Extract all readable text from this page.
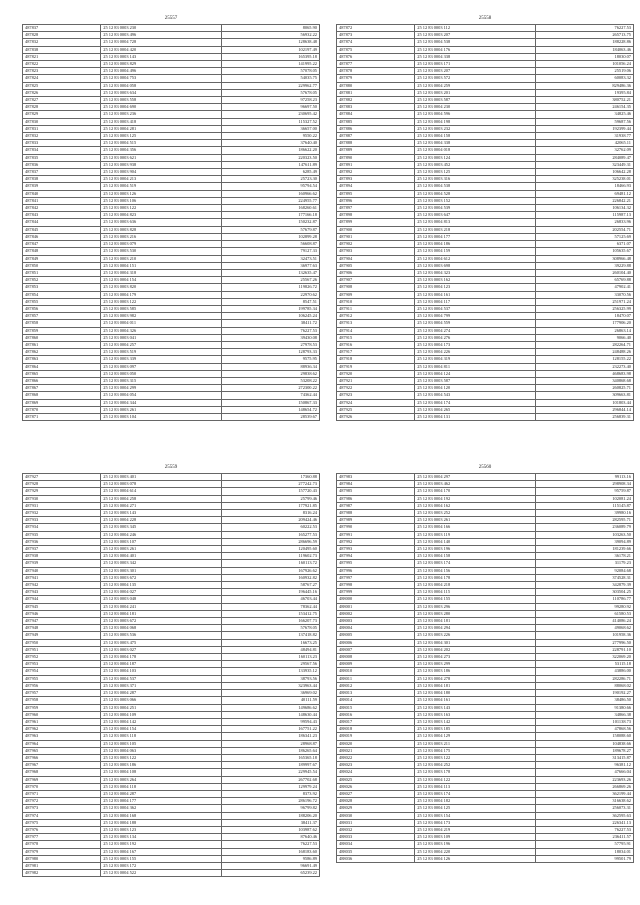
25557
487837	25 12 83 0003 230	8065.90
487828	25 12 83 0003 496	56932.22
487832	25 12 83 0004 728	128638.48
487838	25 12 83 0004 420	102197.49
487821	25 12 83 0003 143	165395.18
487822	25 12 83 0003 829	141995.22
487823	25 12 83 0004 496	57078.05
487824	25 12 83 0004 753	54035.75
487825	25 12 83 0004 058	229962.77
487826	25 12 83 0003 634	57678.05
487827	25 12 83 0003 558	97258.23
487828	25 12 83 0004 690	96697.50
487829	25 12 83 0003 236	230695.42
487830	25 12 83 0003 418	115327.52
487831	25 12 83 0004 281	36657.00
487832	25 12 83 0003 125	9550.22
487833	25 12 83 0004 515	37640.40
487834	25 12 83 0004 356	186622.20
487835	25 12 83 0003 621	220323.50
487836	25 12 83 0003 938	147611.89
487837	25 12 83 0003 904	6285.49
487838	25 12 83 0004 213	25723.30
487839	25 12 83 0004 519	95794.54
487840	25 12 83 0003 126	160966.62
487841	25 12 83 0003 106	224955.77
487842	25 12 83 0003 122	168260.61
487843	25 12 83 0004 823	177166.18
487844	25 12 83 0003 636	150232.87
487845	25 12 83 0003 828	57679.87
487846	25 12 83 0003 216	102899.28
487847	25 12 83 0003 079	56608.87
487848	25 12 83 0003 530	79127.33
487849	25 12 83 0003 210	32473.51
487850	25 12 83 0004 151	36977.63
487851	25 12 83 0004 318	132635.47
487852	25 12 83 0004 154	25567.26
487853	25 12 83 0003 820	119826.72
487854	25 12 83 0004 179	22970.62
487855	25 12 83 0003 122	8547.51
487856	25 12 83 0003 585	199785.34
487857	25 12 83 0003 982	106245.24
487858	25 12 83 0004 011	38411.72
487859	25 12 83 0004 326	76227.53
487860	25 12 83 0003 041	39430.08
487861	25 12 83 0004 257	27978.53
487862	25 12 83 0003 519	128793.33
487863	25 12 83 0003 339	9575.95
487864	25 12 83 0003 097	88936.34
487865	25 12 83 0003 050	29838.62
487866	25 12 83 0003 315	53208.22
487867	25 12 83 0004 299	272300.22
487868	25 12 83 0004 054	74362.44
487869	25 12 83 0004 344	150867.33
487870	25 12 83 0003 261	148654.72
487871	25 12 83 0003 104	28539.67
25558
487872	25 12 83 0003 112	76227.53
487873	25 12 83 0003 207	265713.75
487874	25 12 83 0004 538	188228.86
487875	25 12 83 0004 176	184063.46
487876	25 12 83 0004 338	18030.07
487877	25 12 83 0003 171	101056.24
487878	25 12 83 0003 207	25519.06
487879	25 12 83 0003 572	60083.32
487880	25 12 83 0004 259	829486.36
487881	25 12 83 0003 201	19395.84
487882	25 12 83 0003 587	380752.21
487883	25 12 83 0004 230	246154.35
487884	25 12 83 0004 596	34825.46
487885	25 12 83 0004 198	59687.56
487886	25 12 83 0003 232	192399.44
487887	25 12 83 0004 158	31938.77
487888	25 12 83 0004 338	42065.11
487889	25 12 83 0004 018	32762.09
487890	25 12 83 0003 124	284089.47
487891	25 12 83 0003 452	323449.31
487892	25 12 83 0003 125	106642.28
487893	25 12 83 0003 316	325238.01
487894	25 12 83 0004 538	18466.93
487895	25 12 83 0004 528	69481.12
487896	25 12 83 0003 152	226842.21
487897	25 12 83 0004 539	106134.32
487898	25 12 83 0003 647	115987.13
487899	25 12 83 0004 813	26833.96
487900	25 12 83 0003 218	202554.71
487901	25 12 83 0004 177	57125.69
487902	25 12 83 0004 186	6371.07
487903	25 12 83 0004 159	105635.67
487904	25 12 83 0004 612	308966.48
487905	25 12 83 0003 698	39229.88
487906	25 12 83 0004 323	260104.40
487907	25 12 83 0003 162	65769.88
487908	25 12 83 0004 123	47902.41
487909	25 12 83 0004 161	33070.56
487910	25 12 83 0004 117	251971.24
487911	25 12 83 0004 537	256325.99
487912	25 12 83 0004 799	18470.07
487913	25 12 83 0004 559	177906.20
487914	25 12 83 0004 274	26863.14
487915	25 12 83 0004 276	9066.40
487916	25 12 83 0004 173	282264.71
487917	25 12 83 0004 226	248488.26
487918	25 12 83 0004 319	128155.22
487919	25 12 83 0004 811	232273.40
487920	25 12 83 0004 124	468683.98
487921	25 12 83 0003 587	340868.68
487922	25 12 83 0004 120	260825.71
487923	25 12 83 0004 543	309663.81
487924	25 12 83 0004 174	101803.44
487925	25 12 83 0004 265	296844.14
487926	25 12 83 0004 131	256839.31
25559
487927	25 12 83 0003 401	17360.88
487928	25 12 83 0003 078	277242.73
487929	25 12 83 0004 614	157720.43
487930	25 12 83 0004 258	25799.46
487931	25 12 83 0004 271	177921.85
487932	25 12 83 0003 143	8316.24
487933	25 12 83 0004 228	209424.46
487934	25 12 83 0003 345	60222.53
487935	25 12 83 0004 246	165277.53
487936	25 12 83 0003 107	286696.59
487937	25 12 83 0003 261	120495.60
487938	25 12 83 0004 401	119602.73
487939	25 12 83 0003 342	160113.72
487940	25 12 83 0003 301	167926.62
487941	25 12 83 0003 672	160932.82
487942	25 12 83 0004 135	58767.27
487943	25 12 83 0004 027	196445.16
487944	25 12 83 0003 048	46703.44
487945	25 12 83 0004 241	78362.44
487946	25 12 83 0004 181	153412.75
487947	25 12 83 0003 672	166207.73
487948	25 12 83 0004 068	57678.05
487949	25 12 83 0003 536	137418.82
487950	25 12 83 0003 475	16673.25
487951	25 12 83 0003 027	48494.81
487952	25 12 83 0004 178	160113.23
487953	25 12 83 0004 187	29567.56
487954	25 12 83 0004 103	133935.12
487955	25 12 83 0004 537	38793.56
487956	25 12 83 0003 371	323963.44
487957	25 12 83 0004 287	36969.02
487958	25 12 83 0003 066	40111.59
487959	25 12 83 0004 251	149686.62
487960	25 12 83 0004 109	148630.44
487961	25 12 83 0004 142	99594.43
487962	25 12 83 0004 154	167751.22
487963	25 12 83 0003 118	186341.23
487964	25 12 83 0003 105	28968.87
487965	25 12 83 0004 063	186265.64
487966	25 12 83 0003 122	165365.18
487967	25 12 83 0003 186	189997.67
487968	25 12 83 0004 108	229945.54
487969	25 12 83 0003 264	267702.68
487970	25 12 83 0004 118	129979.24
487971	25 12 83 0004 287	8373.92
487972	25 12 83 0004 177	286196.72
487973	25 12 83 0004 362	96799.82
487974	25 12 83 0004 168	188206.20
487975	25 12 83 0004 188	38411.37
487976	25 12 83 0003 123	103987.62
487977	25 12 83 0003 134	87640.46
487978	25 12 83 0003 192	76227.53
487979	25 12 83 0004 167	168183.60
487980	25 12 83 0003 155	9586.89
487981	25 12 83 0003 172	96691.49
487982	25 12 83 0004 522	65239.22
25560
487983	25 12 83 0004 297	99113.16
487984	25 12 83 0003 462	298908.34
487985	25 12 83 0004 170	95759.87
487986	25 12 83 0004 192	102081.24
487987	25 12 83 0004 162	115145.87
487988	25 12 83 0003 252	39980.16
487989	25 12 83 0003 261	282595.71
487990	25 12 83 0004 166	236089.79
487991	25 12 83 0003 119	103263.50
487992	25 12 83 0004 140	39094.89
487993	25 12 83 0003 196	181239.66
487994	25 12 83 0004 158	36178.21
487995	25 12 83 0003 174	31179.23
487996	25 12 83 0004 156	92084.68
487997	25 12 83 0004 178	374528.31
487998	25 12 83 0004 218	342879.39
487999	25 12 83 0004 115	303504.25
488000	25 12 83 0004 155	110786.77
488001	25 12 83 0003 296	99280.92
488002	25 12 83 0003 280	61580.53
488003	25 12 83 0004 181	414086.24
488004	25 12 83 0004 294	49068.62
488005	25 12 83 0003 226	101958.36
488006	25 12 83 0004 301	277996.50
488007	25 12 83 0004 202	228791.10
488008	25 12 83 0004 273	322069.20
488009	25 12 83 0003 299	53115.18
488010	25 12 83 0003 186	43886.00
488011	25 12 83 0004 278	282286.71
488012	25 12 83 0004 181	88068.02
488013	25 12 83 0004 180	190192.27
488014	25 12 83 0004 161	38486.50
488015	25 12 83 0003 143	91380.66
488016	25 12 83 0003 163	34866.38
488017	25 12 83 0003 142	101138.73
488018	25 12 83 0003 185	47868.56
488019	25 12 83 0004 129	158088.60
488020	25 12 83 0003 211	104838.66
488021	25 12 83 0004 175	189678.27
488022	25 12 83 0003 122	313415.87
488023	25 12 83 0004 252	96381.12
488024	25 12 83 0003 178	47666.04
488025	25 12 83 0004 122	223693.26
488026	25 12 83 0004 113	266869.26
488027	25 12 83 0003 174	362199.44
488028	25 12 83 0004 182	316638.62
488029	25 12 83 0004 125	256073.31
488030	25 12 83 0003 154	362595.63
488031	25 12 83 0004 173	226341.13
488032	25 12 83 0004 219	76227.53
488033	25 12 83 0003 109	236411.57
488034	25 12 83 0003 196	57795.91
488035	25 12 83 0004 220	18034.01
488036	25 12 83 0004 126	99501.79
